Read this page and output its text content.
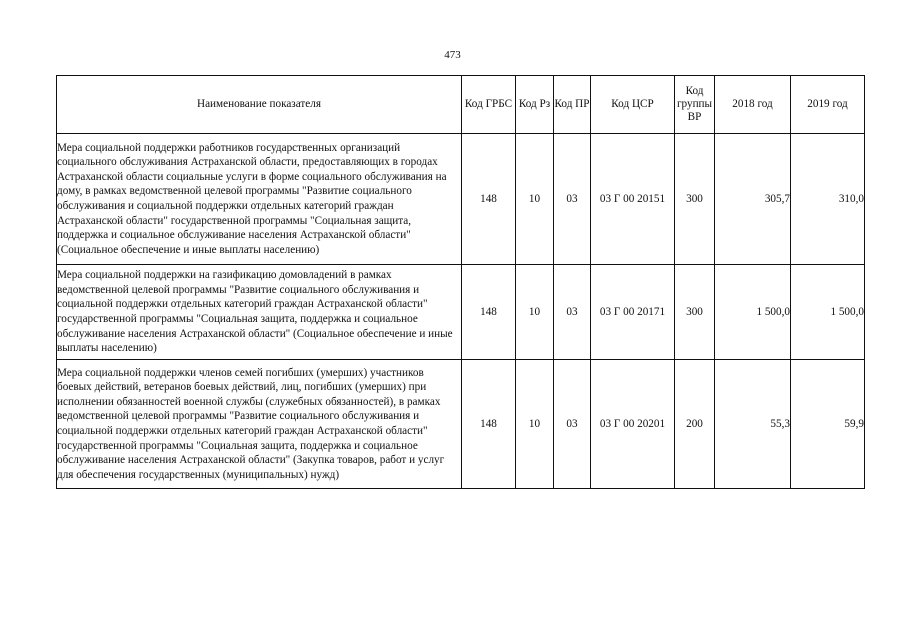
473
Наименование показателя	Код ГРБС	Код Рз	Код ПР	Код ЦСР	Код группы ВР	2018 год	2019 год
Мера социальной поддержки работников государственных организаций социального обслуживания Астраханской области, предоставляющих в городах Астраханской области социальные услуги в форме социального обслуживания на дому, в рамках ведомственной целевой программы "Развитие социального обслуживания и социальной поддержки отдельных категорий граждан Астраханской области" государственной программы "Социальная защита, поддержка и социальное обслуживание населения Астраханской области" (Социальное обеспечение и иные выплаты населению)	148	10	03	03 Г 00 20151	300	305,7	310,0
Мера социальной поддержки на газификацию домовладений в рамках ведомственной целевой программы "Развитие социального обслуживания и социальной поддержки отдельных категорий граждан Астраханской области" государственной программы "Социальная защита, поддержка и социальное обслуживание населения Астраханской области" (Социальное обеспечение и иные выплаты населению)	148	10	03	03 Г 00 20171	300	1 500,0	1 500,0
Мера социальной поддержки членов семей погибших (умерших) участников боевых действий, ветеранов боевых действий, лиц, погибших (умерших) при исполнении обязанностей военной службы (служебных обязанностей), в рамках ведомственной целевой программы "Развитие социального обслуживания и социальной поддержки отдельных категорий граждан Астраханской области" государственной программы "Социальная защита, поддержка и социальное обслуживание населения Астраханской области" (Закупка товаров, работ и услуг для обеспечения государственных (муниципальных) нужд)	148	10	03	03 Г 00 20201	200	55,3	59,9
